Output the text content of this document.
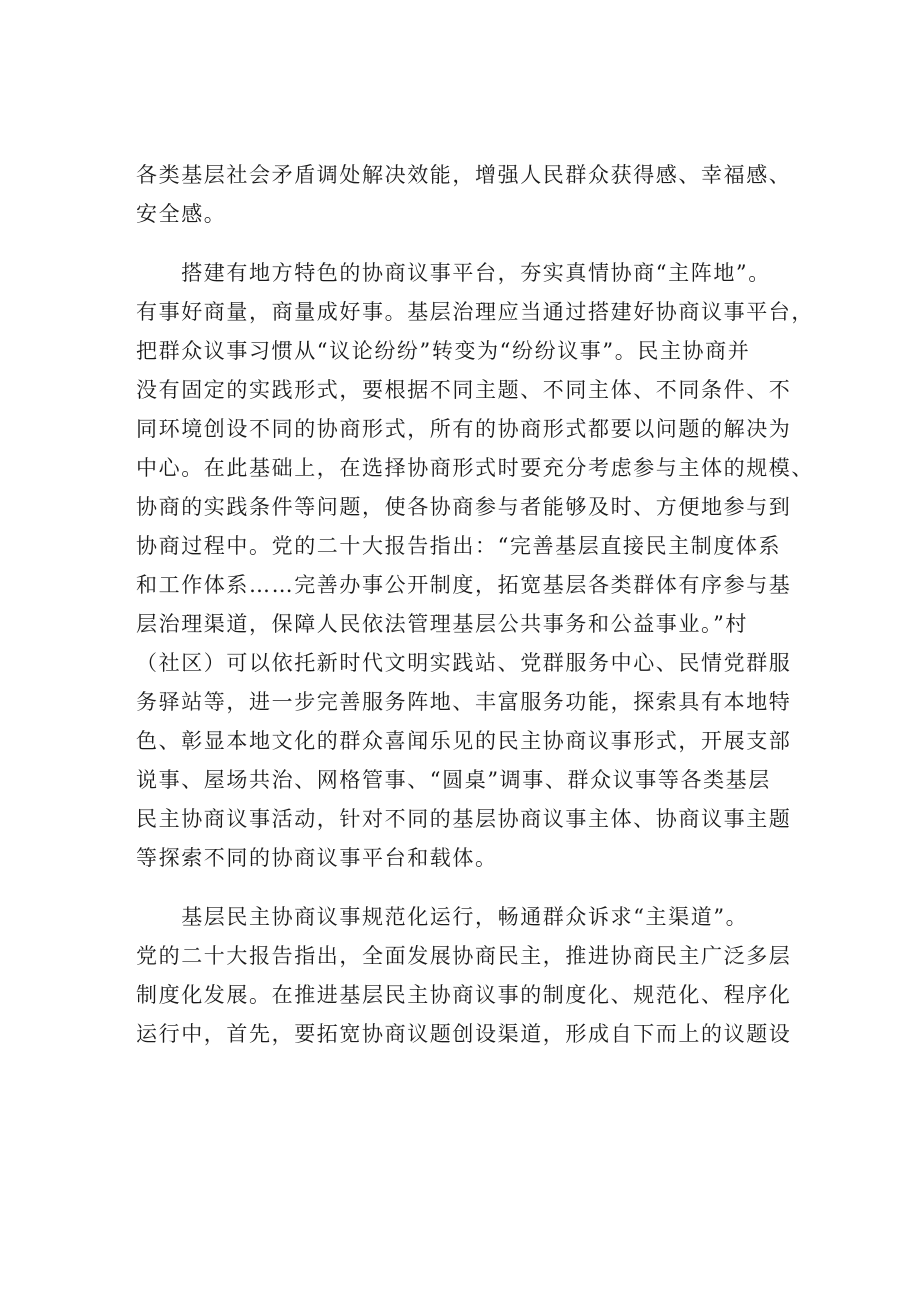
各类基层社会矛盾调处解决效能，增强人民群众获得感、幸福感、
安全感。
　　搭建有地方特色的协商议事平台，夯实真情协商“主阵地”。
有事好商量，商量成好事。基层治理应当通过搭建好协商议事平台，
把群众议事习惯从“议论纷纷”转变为“纷纷议事”。民主协商并
没有固定的实践形式，要根据不同主题、不同主体、不同条件、不
同环境创设不同的协商形式，所有的协商形式都要以问题的解决为
中心。在此基础上，在选择协商形式时要充分考虑参与主体的规模、
协商的实践条件等问题，使各协商参与者能够及时、方便地参与到
协商过程中。党的二十大报告指出：“完善基层直接民主制度体系
和工作体系……完善办事公开制度，拓宽基层各类群体有序参与基
层治理渠道，保障人民依法管理基层公共事务和公益事业。”村
（社区）可以依托新时代文明实践站、党群服务中心、民情党群服
务驿站等，进一步完善服务阵地、丰富服务功能，探索具有本地特
色、彰显本地文化的群众喜闻乐见的民主协商议事形式，开展支部
说事、屋场共治、网格管事、“圆桌”调事、群众议事等各类基层
民主协商议事活动，针对不同的基层协商议事主体、协商议事主题
等探索不同的协商议事平台和载体。
　　基层民主协商议事规范化运行，畅通群众诉求“主渠道”。
党的二十大报告指出，全面发展协商民主，推进协商民主广泛多层
制度化发展。在推进基层民主协商议事的制度化、规范化、程序化
运行中，首先，要拓宽协商议题创设渠道，形成自下而上的议题设
